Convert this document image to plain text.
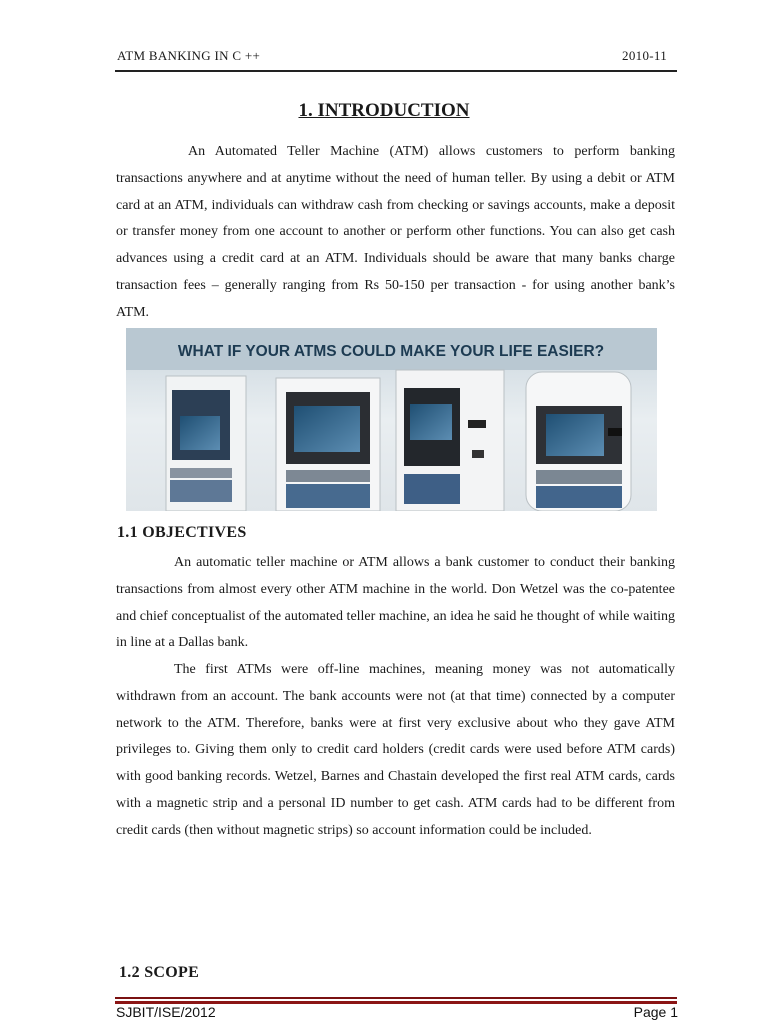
ATM BANKING IN C ++	2010-11
1. INTRODUCTION

An Automated Teller Machine (ATM) allows customers to perform banking transactions anywhere and at anytime without the need of human teller. By using a debit or ATM card at an ATM, individuals can withdraw cash from checking or savings accounts, make a deposit or transfer money from one account to another or perform other functions. You can also get cash advances using a credit card at an ATM. Individuals should be aware that many banks charge transaction fees – generally ranging from Rs 50-150 per transaction - for using another bank’s ATM.

WHAT IF YOUR ATMS COULD MAKE YOUR LIFE EASIER?
1.1 OBJECTIVES

An automatic teller machine or ATM allows a bank customer to conduct their banking transactions from almost every other ATM machine in the world. Don Wetzel was the co-patentee and chief conceptualist of the automated teller machine, an idea he said he thought of while waiting in line at a Dallas bank.

The first ATMs were off-line machines, meaning money was not automatically withdrawn from an account. The bank accounts were not (at that time) connected by a computer network to the ATM. Therefore, banks were at first very exclusive about who they gave ATM privileges to. Giving them only to credit card holders (credit cards were used before ATM cards) with good banking records. Wetzel, Barnes and Chastain developed the first real ATM cards, cards with a magnetic strip and a personal ID number to get cash. ATM cards had to be different from credit cards (then without magnetic strips) so account information could be included.

1.2 SCOPE
SJBIT/ISE/2012	Page 1
